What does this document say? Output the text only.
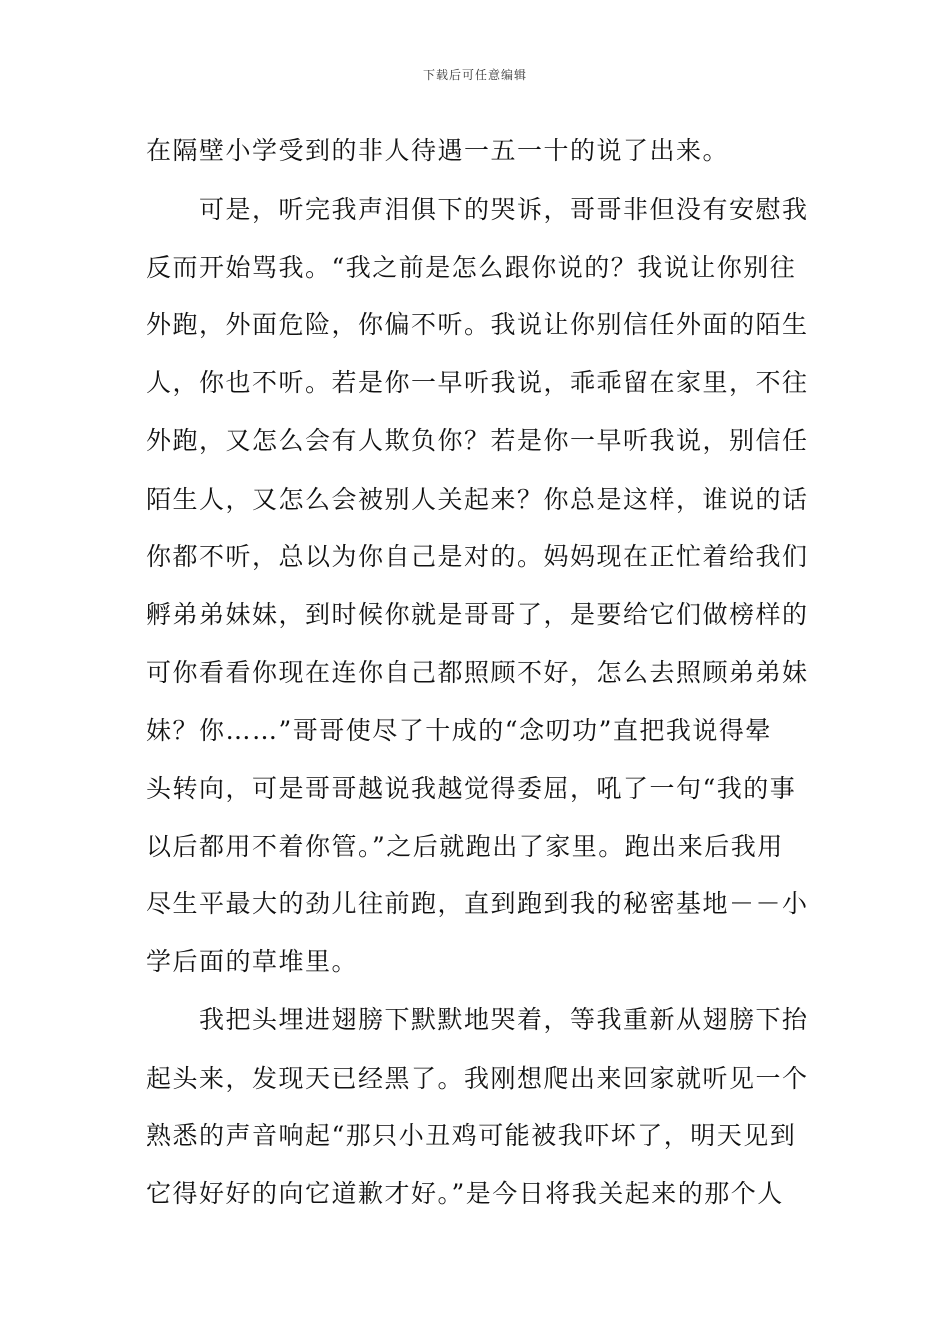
下载后可任意编辑
在隔壁小学受到的非人待遇一五一十的说了出来。
　　可是，听完我声泪俱下的哭诉，哥哥非但没有安慰我
反而开始骂我。“我之前是怎么跟你说的？我说让你别往
外跑，外面危险，你偏不听。我说让你别信任外面的陌生
人，你也不听。若是你一早听我说，乖乖留在家里，不往
外跑，又怎么会有人欺负你？若是你一早听我说，别信任
陌生人，又怎么会被别人关起来？你总是这样，谁说的话
你都不听，总以为你自己是对的。妈妈现在正忙着给我们
孵弟弟妹妹，到时候你就是哥哥了，是要给它们做榜样的
可你看看你现在连你自己都照顾不好，怎么去照顾弟弟妹
妹？你……”哥哥使尽了十成的“念叨功”直把我说得晕
头转向，可是哥哥越说我越觉得委屈，吼了一句“我的事
以后都用不着你管。”之后就跑出了家里。跑出来后我用
尽生平最大的劲儿往前跑，直到跑到我的秘密基地－－小
学后面的草堆里。
　　我把头埋进翅膀下默默地哭着，等我重新从翅膀下抬
起头来，发现天已经黑了。我刚想爬出来回家就听见一个
熟悉的声音响起“那只小丑鸡可能被我吓坏了，明天见到
它得好好的向它道歉才好。”是今日将我关起来的那个人
